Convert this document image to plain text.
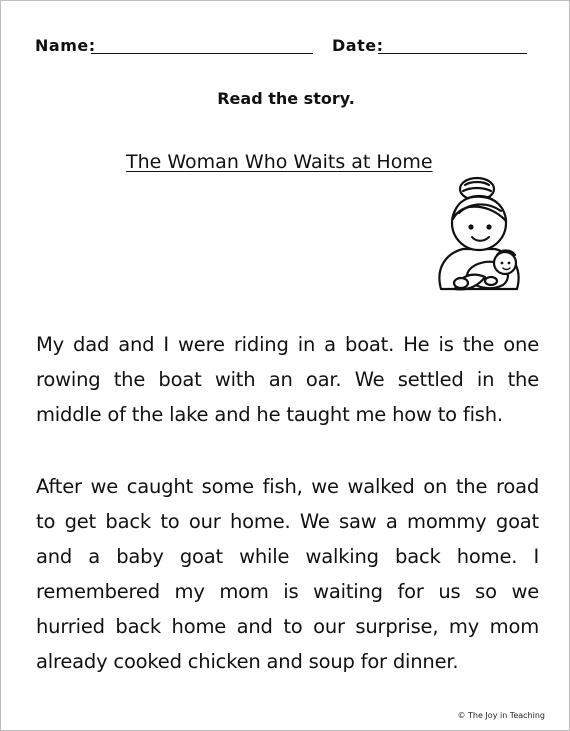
Name:	Date:
Read the story.
The Woman Who Waits at Home

My dad and I were riding in a boat. He is the one rowing the boat with an oar. We settled in the middle of the lake and he taught me how to fish.

After we caught some fish, we walked on the road to get back to our home. We saw a mommy goat and a baby goat while walking back home. I remembered my mom is waiting for us so we hurried back home and to our surprise, my mom already cooked chicken and soup for dinner.

© The Joy in Teaching
